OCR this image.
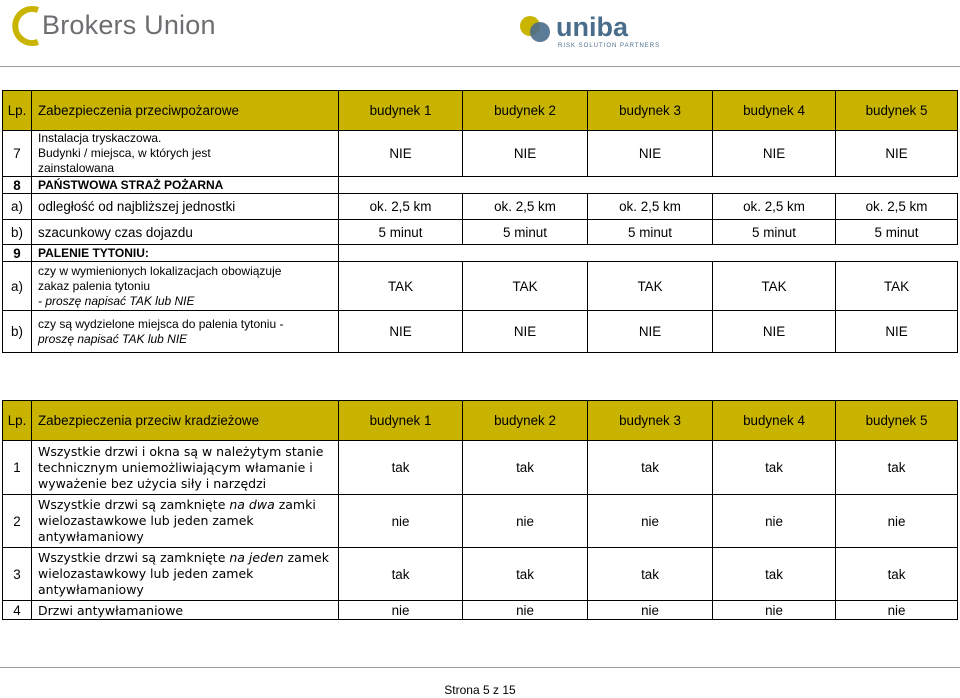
Brokers Union	uniba
RISK SOLUTION PARTNERS
Lp.	Zabezpieczenia przeciwpożarowe	budynek 1	budynek 2	budynek 3	budynek 4	budynek 5
7	Instalacja tryskaczowa.
Budynki / miejsca, w których jest
zainstalowana	NIE	NIE	NIE	NIE	NIE
8	PAŃSTWOWA STRAŻ POŻARNA					
a)	odległość od najbliższej jednostki	ok. 2,5 km	ok. 2,5 km	ok. 2,5 km	ok. 2,5 km	ok. 2,5 km
b)	szacunkowy czas dojazdu	5 minut	5 minut	5 minut	5 minut	5 minut
9	PALENIE TYTONIU:					
a)	czy w wymienionych lokalizacjach obowiązuje
zakaz palenia tytoniu
- proszę napisać TAK lub NIE	TAK	TAK	TAK	TAK	TAK
b)	czy są wydzielone miejsca do palenia tytoniu -
proszę napisać TAK lub NIE	NIE	NIE	NIE	NIE	NIE
Lp.	Zabezpieczenia przeciw kradzieżowe	budynek 1	budynek 2	budynek 3	budynek 4	budynek 5
1	Wszystkie drzwi i okna są w należytym stanie
technicznym uniemożliwiającym włamanie i
wyważenie bez użycia siły i narzędzi	tak	tak	tak	tak	tak
2	Wszystkie drzwi są zamknięte na dwa zamki
wielozastawkowe lub jeden zamek
antywłamaniowy	nie	nie	nie	nie	nie
3	Wszystkie drzwi są zamknięte na jeden zamek
wielozastawkowy lub jeden zamek
antywłamaniowy	tak	tak	tak	tak	tak
4	Drzwi antywłamaniowe	nie	nie	nie	nie	nie
Strona 5 z 15
